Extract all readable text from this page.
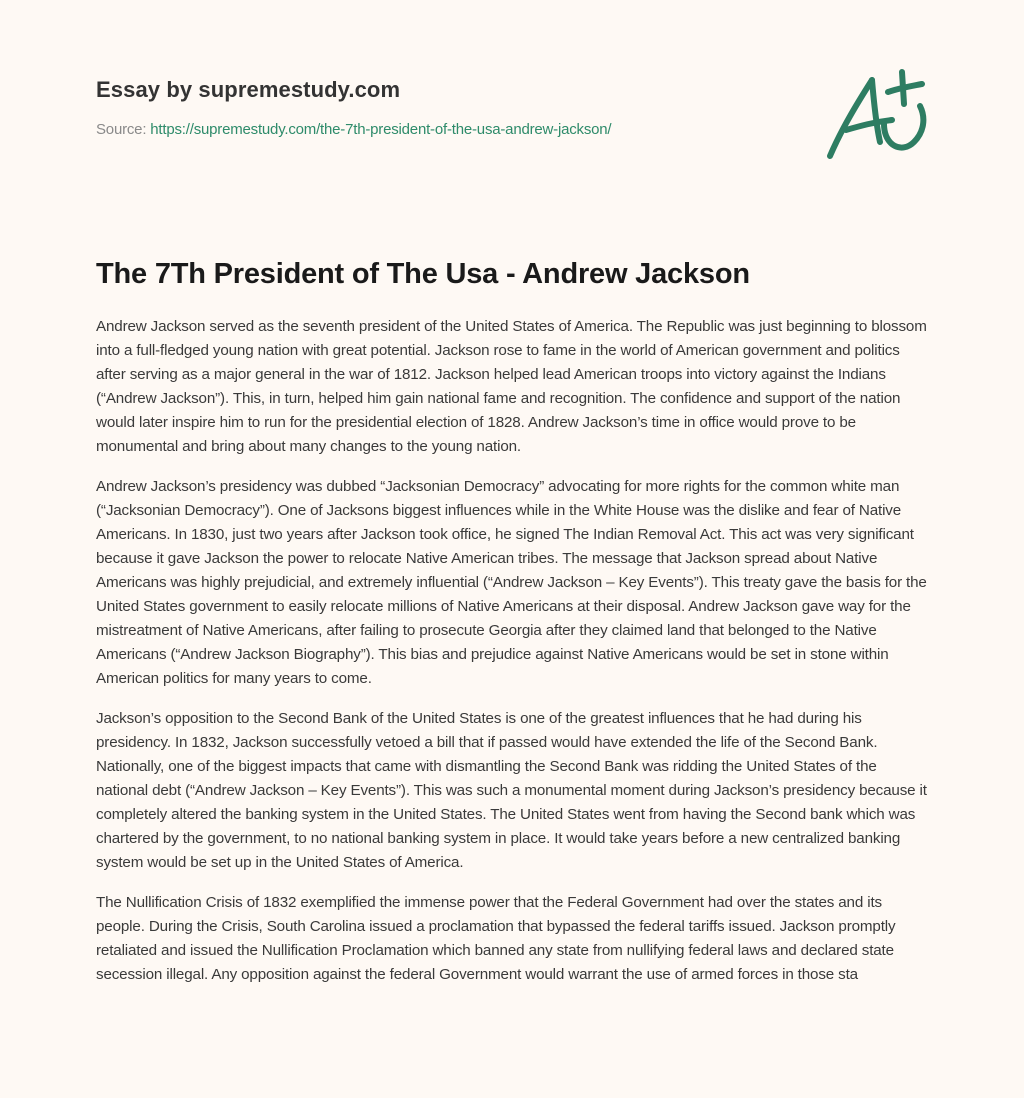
Essay by supremestudy.com
Source: https://supremestudy.com/the-7th-president-of-the-usa-andrew-jackson/
The 7Th President of The Usa - Andrew Jackson

Andrew Jackson served as the seventh president of the United States of America. The Republic was just beginning to blossom into a full-fledged young nation with great potential. Jackson rose to fame in the world of American government and politics after serving as a major general in the war of 1812. Jackson helped lead American troops into victory against the Indians (“Andrew Jackson”). This, in turn, helped him gain national fame and recognition. The confidence and support of the nation would later inspire him to run for the presidential election of 1828. Andrew Jackson’s time in office would prove to be monumental and bring about many changes to the young nation.

Andrew Jackson’s presidency was dubbed “Jacksonian Democracy” advocating for more rights for the common white man (“Jacksonian Democracy”). One of Jacksons biggest influences while in the White House was the dislike and fear of Native Americans. In 1830, just two years after Jackson took office, he signed The Indian Removal Act. This act was very significant because it gave Jackson the power to relocate Native American tribes. The message that Jackson spread about Native Americans was highly prejudicial, and extremely influential (“Andrew Jackson – Key Events”). This treaty gave the basis for the United States government to easily relocate millions of Native Americans at their disposal. Andrew Jackson gave way for the mistreatment of Native Americans, after failing to prosecute Georgia after they claimed land that belonged to the Native Americans (“Andrew Jackson Biography”). This bias and prejudice against Native Americans would be set in stone within American politics for many years to come.

Jackson’s opposition to the Second Bank of the United States is one of the greatest influences that he had during his presidency. In 1832, Jackson successfully vetoed a bill that if passed would have extended the life of the Second Bank. Nationally, one of the biggest impacts that came with dismantling the Second Bank was ridding the United States of the national debt (“Andrew Jackson – Key Events”). This was such a monumental moment during Jackson’s presidency because it completely altered the banking system in the United States. The United States went from having the Second bank which was chartered by the government, to no national banking system in place. It would take years before a new centralized banking system would be set up in the United States of America.

The Nullification Crisis of 1832 exemplified the immense power that the Federal Government had over the states and its people. During the Crisis, South Carolina issued a proclamation that bypassed the federal tariffs issued. Jackson promptly retaliated and issued the Nullification Proclamation which banned any state from nullifying federal laws and declared state secession illegal. Any opposition against the federal Government would warrant the use of armed forces in those sta
